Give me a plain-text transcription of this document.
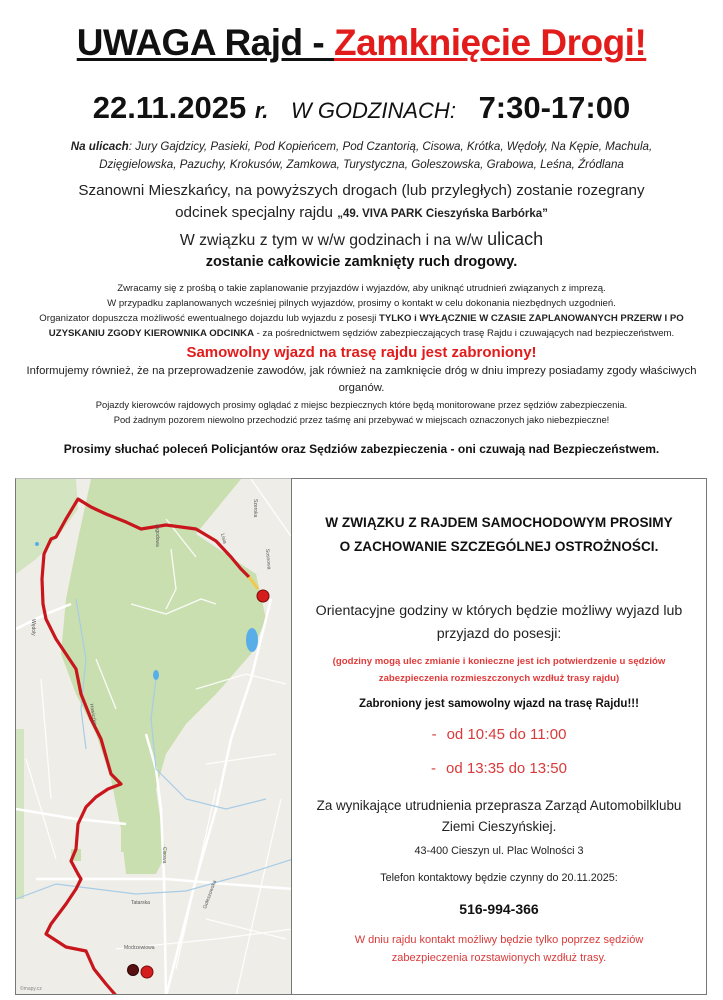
UWAGA Rajd - Zamknięcie Drogi!
22.11.2025 r. W GODZINACH: 7:30-17:00
Na ulicach: Jury Gajdzicy, Pasieki, Pod Kopieńcem, Pod Czantorią, Cisowa, Krótka, Wędoły, Na Kępie, Machula,
Dzięgielowska, Pazuchy, Krokusów, Zamkowa, Turystyczna, Goleszowska, Grabowa, Leśna, Źródlana
Szanowni Mieszkańcy, na powyższych drogach (lub przyległych) zostanie rozegrany
odcinek specjalny rajdu „49. VIVA PARK Cieszyńska Barbórka”
W związku z tym w w/w godzinach i na w/w ulicach
zostanie całkowicie zamknięty ruch drogowy.
Zwracamy się z prośbą o takie zaplanowanie przyjazdów i wyjazdów, aby uniknąć utrudnień związanych z imprezą.
W przypadku zaplanowanych wcześniej pilnych wyjazdów, prosimy o kontakt w celu dokonania niezbędnych uzgodnień.
Organizator dopuszcza możliwość ewentualnego dojazdu lub wyjazdu z posesji TYLKO i WYŁĄCZNIE W CZASIE ZAPLANOWANYCH PRZERW I PO UZYSKANIU ZGODY KIEROWNIKA ODCINKA - za pośrednictwem sędziów zabezpieczających trasę Rajdu i czuwających nad bezpieczeństwem.
Samowolny wjazd na trasę rajdu jest zabroniony!
Informujemy również, że na przeprowadzenie zawodów, jak również na zamknięcie dróg w dniu imprezy posiadamy zgody właściwych organów.
Pojazdy kierowców rajdowych prosimy oglądać z miejsc bezpiecznych które będą monitorowane przez sędziów zabezpieczenia.
Pod żadnym pozorem niewolno przechodzić przez taśmę ani przebywać w miejscach oznaczonych jako niebezpieczne!
Prosimy słuchać poleceń Policjantów oraz Sędziów zabezpieczenia - oni czuwają nad Bezpieczeństwem.
Szeroka
Lisia
Sosnowa
Jagodowa
Wędoły
Hawiczka
Cisowa
Tatarska
Modrzewiowa
Goleszowska
©mapy.cz
W ZWIĄZKU Z RAJDEM SAMOCHODOWYM PROSIMY O ZACHOWANIE SZCZEGÓLNEJ OSTROŻNOŚCI.
Orientacyjne godziny w których będzie możliwy wyjazd lub przyjazd do posesji:
(godziny mogą ulec zmianie i konieczne jest ich potwierdzenie u sędziów zabezpieczenia rozmieszczonych wzdłuż trasy rajdu)
Zabroniony jest samowolny wjazd na trasę Rajdu!!!
- od 10:45 do 11:00
- od 13:35 do 13:50
Za wynikające utrudnienia przeprasza Zarząd Automobilklubu Ziemi Cieszyńskiej.
43-400 Cieszyn ul. Plac Wolności 3
Telefon kontaktowy będzie czynny do 20.11.2025:
516-994-366
W dniu rajdu kontakt możliwy będzie tylko poprzez sędziów zabezpieczenia rozstawionych wzdłuż trasy.
